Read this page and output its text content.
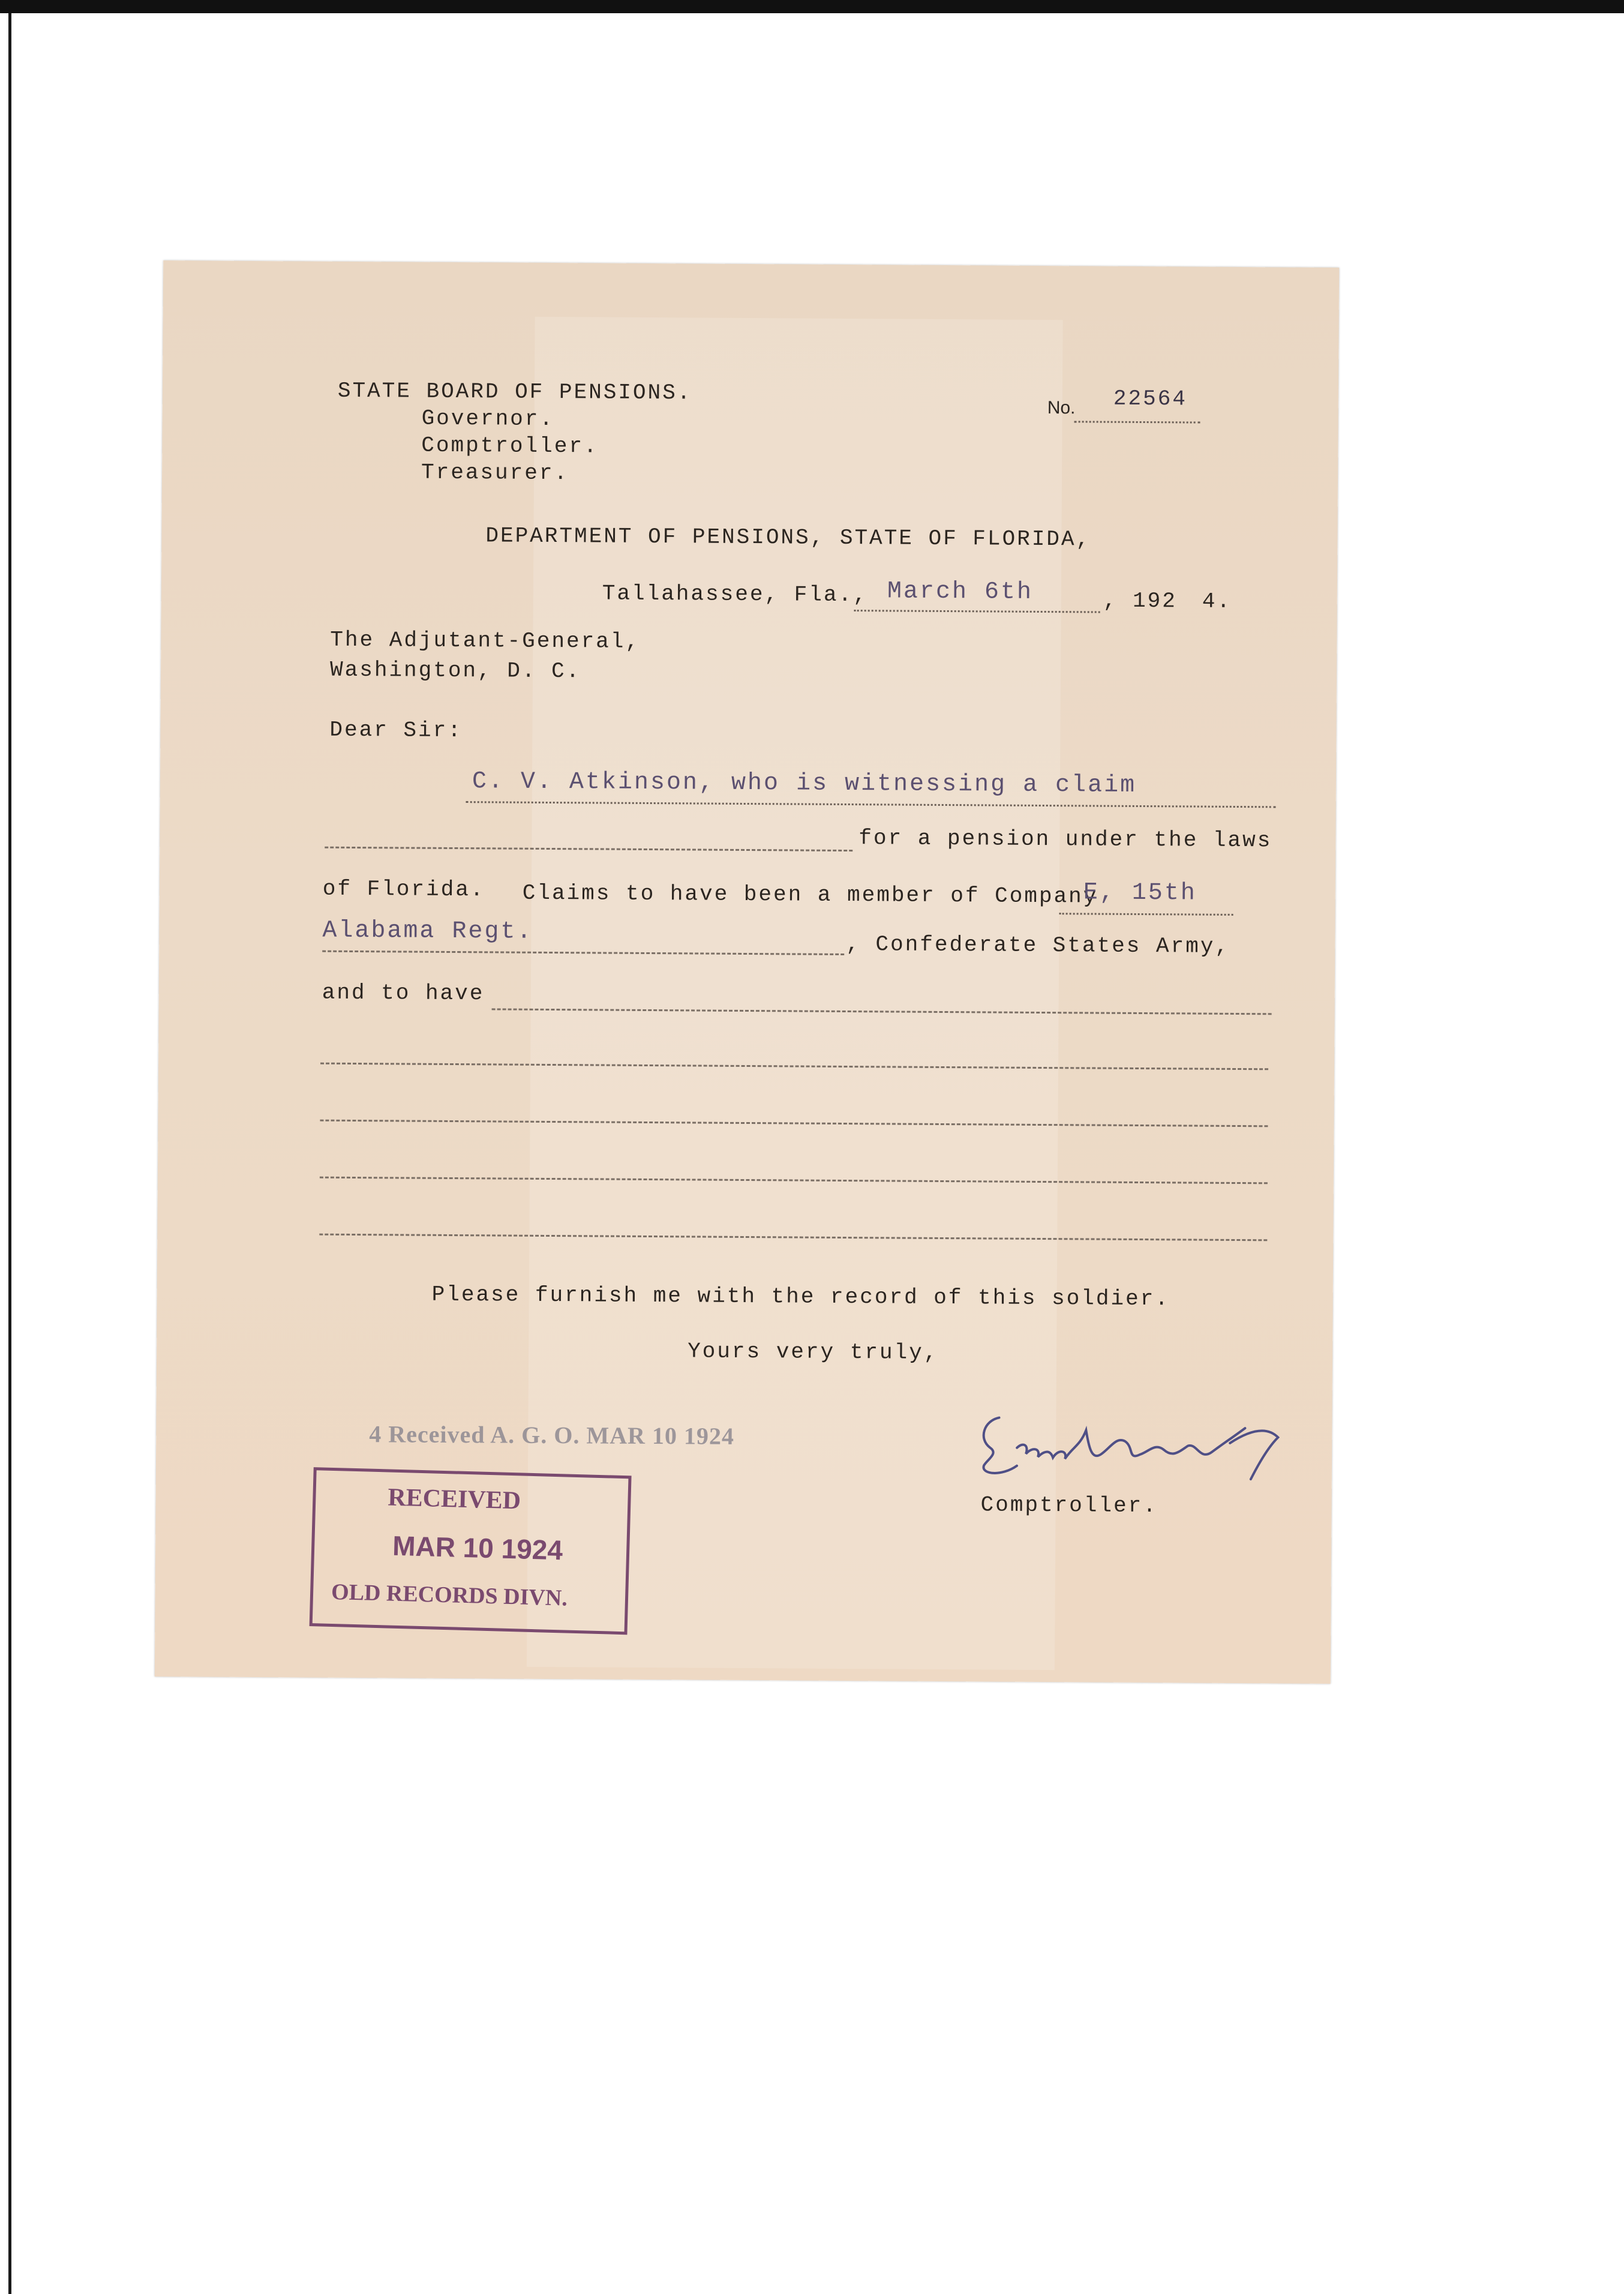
STATE BOARD OF PENSIONS.
Governor.
Comptroller.
Treasurer.
No. 22564
DEPARTMENT OF PENSIONS, STATE OF FLORIDA,
Tallahassee, Fla., March 6th	, 192 4.
The Adjutant-General,
Washington, D. C.
Dear Sir:
C. V. Atkinson, who is witnessing a claim
for a pension under the laws
of Florida. Claims to have been a member of Company
E, 15th
Alabama Regt.	, Confederate States Army,
and to have
Please furnish me with the record of this soldier.
Yours very truly,
4 Received A. G. O. MAR 10 1924
Comptroller.
RECEIVED
MAR 10 1924
OLD RECORDS DIVN.
